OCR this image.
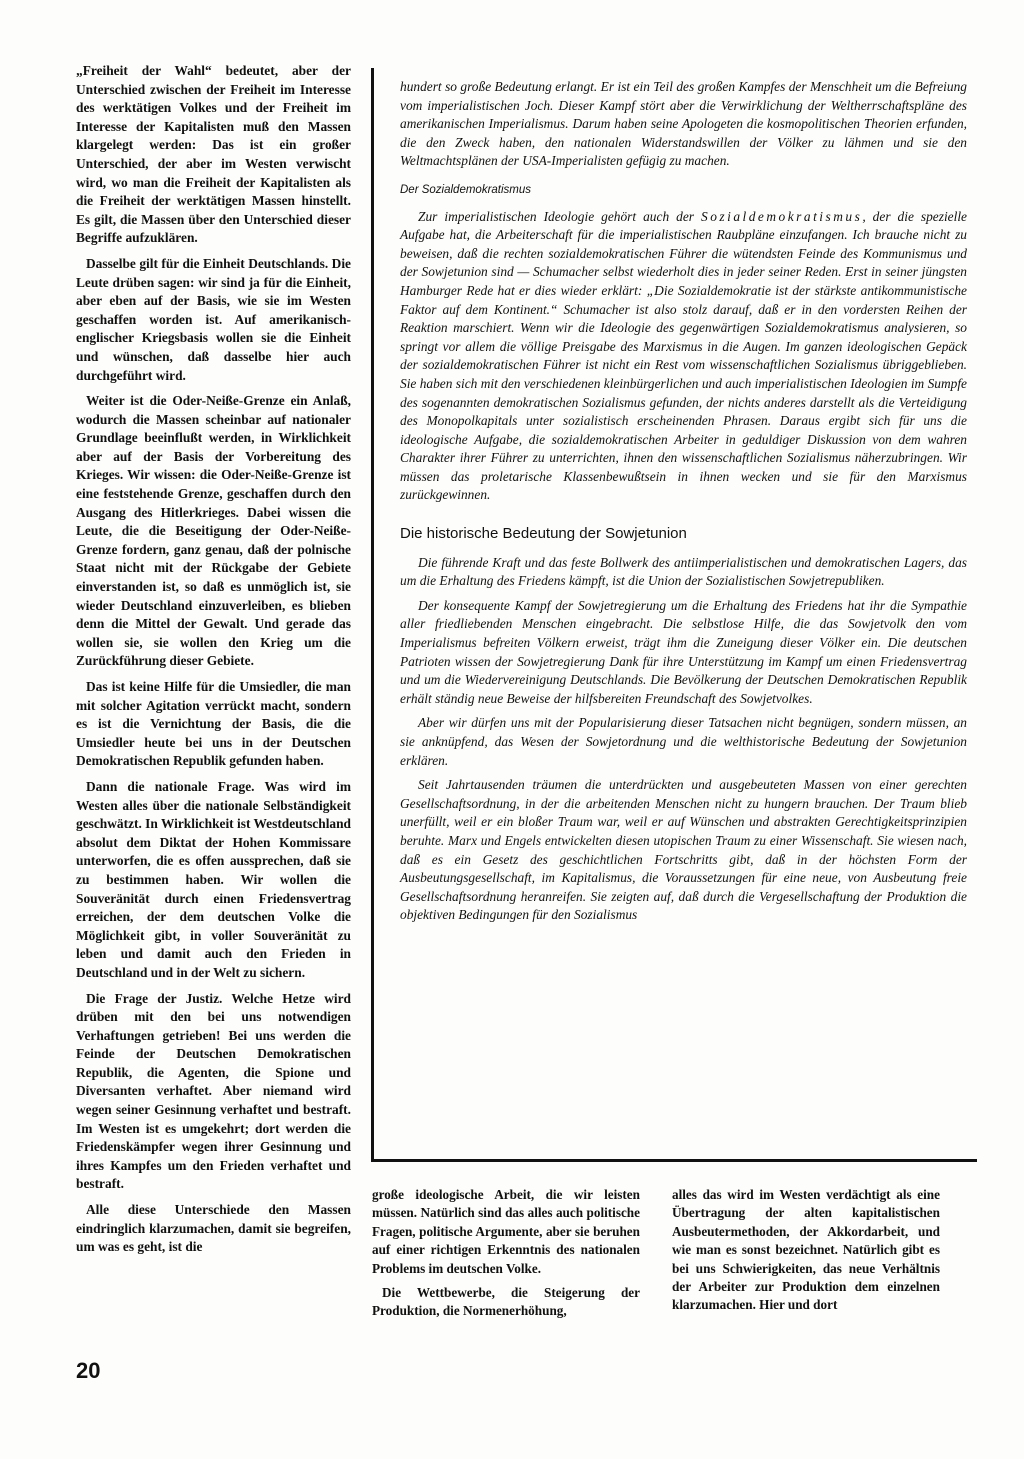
„Freiheit der Wahl“ bedeutet, aber der Unterschied zwischen der Freiheit im Interesse des werktätigen Volkes und der Freiheit im Interesse der Kapitalisten muß den Massen klargelegt werden: Das ist ein großer Unterschied, der aber im Westen verwischt wird, wo man die Freiheit der Kapitalisten als die Freiheit der werktätigen Massen hinstellt. Es gilt, die Massen über den Unterschied dieser Begriffe aufzuklären.

Dasselbe gilt für die Einheit Deutschlands. Die Leute drüben sagen: wir sind ja für die Einheit, aber eben auf der Basis, wie sie im Westen geschaffen worden ist. Auf amerikanisch-englischer Kriegsbasis wollen sie die Einheit und wünschen, daß dasselbe hier auch durchgeführt wird.

Weiter ist die Oder-Neiße-Grenze ein Anlaß, wodurch die Massen scheinbar auf nationaler Grundlage beeinflußt werden, in Wirklichkeit aber auf der Basis der Vorbereitung des Krieges. Wir wissen: die Oder-Neiße-Grenze ist eine feststehende Grenze, geschaffen durch den Ausgang des Hitlerkrieges. Dabei wissen die Leute, die die Beseitigung der Oder-Neiße-Grenze fordern, ganz genau, daß der polnische Staat nicht mit der Rückgabe der Gebiete einverstanden ist, so daß es unmöglich ist, sie wieder Deutschland einzuverleiben, es blieben denn die Mittel der Gewalt. Und gerade das wollen sie, sie wollen den Krieg um die Zurückführung dieser Gebiete.

Das ist keine Hilfe für die Umsiedler, die man mit solcher Agitation verrückt macht, sondern es ist die Vernichtung der Basis, die die Umsiedler heute bei uns in der Deutschen Demokratischen Republik gefunden haben.

Dann die nationale Frage. Was wird im Westen alles über die nationale Selbständigkeit geschwätzt. In Wirklichkeit ist Westdeutschland absolut dem Diktat der Hohen Kommissare unterworfen, die es offen aussprechen, daß sie zu bestimmen haben. Wir wollen die Souveränität durch einen Friedensvertrag erreichen, der dem deutschen Volke die Möglichkeit gibt, in voller Souveränität zu leben und damit auch den Frieden in Deutschland und in der Welt zu sichern.

Die Frage der Justiz. Welche Hetze wird drüben mit den bei uns notwendigen Verhaftungen getrieben! Bei uns werden die Feinde der Deutschen Demokratischen Republik, die Agenten, die Spione und Diversanten verhaftet. Aber niemand wird wegen seiner Gesinnung verhaftet und bestraft. Im Westen ist es umgekehrt; dort werden die Friedenskämpfer wegen ihrer Gesinnung und ihres Kampfes um den Frieden verhaftet und bestraft.

Alle diese Unterschiede den Massen eindringlich klarzumachen, damit sie begreifen, um was es geht, ist die

hundert so große Bedeutung erlangt. Er ist ein Teil des großen Kampfes der Menschheit um die Befreiung vom imperialistischen Joch. Dieser Kampf stört aber die Verwirklichung der Weltherrschaftspläne des amerikanischen Imperialismus. Darum haben seine Apologeten die kosmopolitischen Theorien erfunden, die den Zweck haben, den nationalen Widerstandswillen der Völker zu lähmen und sie den Weltmachtsplänen der USA-Imperialisten gefügig zu machen.

Der Sozialdemokratismus

Zur imperialistischen Ideologie gehört auch der Sozialdemokratismus, der die spezielle Aufgabe hat, die Arbeiterschaft für die imperialistischen Raubpläne einzufangen. Ich brauche nicht zu beweisen, daß die rechten sozialdemokratischen Führer die wütendsten Feinde des Kommunismus und der Sowjetunion sind — Schumacher selbst wiederholt dies in jeder seiner Reden. Erst in seiner jüngsten Hamburger Rede hat er dies wieder erklärt: „Die Sozialdemokratie ist der stärkste antikommunistische Faktor auf dem Kontinent.“ Schumacher ist also stolz darauf, daß er in den vordersten Reihen der Reaktion marschiert. Wenn wir die Ideologie des gegenwärtigen Sozialdemokratismus analysieren, so springt vor allem die völlige Preisgabe des Marxismus in die Augen. Im ganzen ideologischen Gepäck der sozialdemokratischen Führer ist nicht ein Rest vom wissenschaftlichen Sozialismus übriggeblieben. Sie haben sich mit den verschiedenen kleinbürgerlichen und auch imperialistischen Ideologien im Sumpfe des sogenannten demokratischen Sozialismus gefunden, der nichts anderes darstellt als die Verteidigung des Monopolkapitals unter sozialistisch erscheinenden Phrasen. Daraus ergibt sich für uns die ideologische Aufgabe, die sozialdemokratischen Arbeiter in geduldiger Diskussion von dem wahren Charakter ihrer Führer zu unterrichten, ihnen den wissenschaftlichen Sozialismus näherzubringen. Wir müssen das proletarische Klassenbewußtsein in ihnen wecken und sie für den Marxismus zurückgewinnen.

Die historische Bedeutung der Sowjetunion

Die führende Kraft und das feste Bollwerk des antiimperialistischen und demokratischen Lagers, das um die Erhaltung des Friedens kämpft, ist die Union der Sozialistischen Sowjetrepubliken.

Der konsequente Kampf der Sowjetregierung um die Erhaltung des Friedens hat ihr die Sympathie aller friedliebenden Menschen eingebracht. Die selbstlose Hilfe, die das Sowjetvolk den vom Imperialismus befreiten Völkern erweist, trägt ihm die Zuneigung dieser Völker ein. Die deutschen Patrioten wissen der Sowjetregierung Dank für ihre Unterstützung im Kampf um einen Friedensvertrag und um die Wiedervereinigung Deutschlands. Die Bevölkerung der Deutschen Demokratischen Republik erhält ständig neue Beweise der hilfsbereiten Freundschaft des Sowjetvolkes.

Aber wir dürfen uns mit der Popularisierung dieser Tatsachen nicht begnügen, sondern müssen, an sie anknüpfend, das Wesen der Sowjetordnung und die welthistorische Bedeutung der Sowjetunion erklären.

Seit Jahrtausenden träumen die unterdrückten und ausgebeuteten Massen von einer gerechten Gesellschaftsordnung, in der die arbeitenden Menschen nicht zu hungern brauchen. Der Traum blieb unerfüllt, weil er ein bloßer Traum war, weil er auf Wünschen und abstrakten Gerechtigkeitsprinzipien beruhte. Marx und Engels entwickelten diesen utopischen Traum zu einer Wissenschaft. Sie wiesen nach, daß es ein Gesetz des geschichtlichen Fortschritts gibt, daß in der höchsten Form der Ausbeutungsgesellschaft, im Kapitalismus, die Voraussetzungen für eine neue, von Ausbeutung freie Gesellschaftsordnung heranreifen. Sie zeigten auf, daß durch die Vergesellschaftung der Produktion die objektiven Bedingungen für den Sozialismus

große ideologische Arbeit, die wir leisten müssen. Natürlich sind das alles auch politische Fragen, politische Argumente, aber sie beruhen auf einer richtigen Erkenntnis des nationalen Problems im deutschen Volke.

Die Wettbewerbe, die Steigerung der Produktion, die Normenerhöhung,

alles das wird im Westen verdächtigt als eine Übertragung der alten kapitalistischen Ausbeutermethoden, der Akkordarbeit, und wie man es sonst bezeichnet. Natürlich gibt es bei uns Schwierigkeiten, das neue Verhältnis der Arbeiter zur Produktion dem einzelnen klarzumachen. Hier und dort

20
